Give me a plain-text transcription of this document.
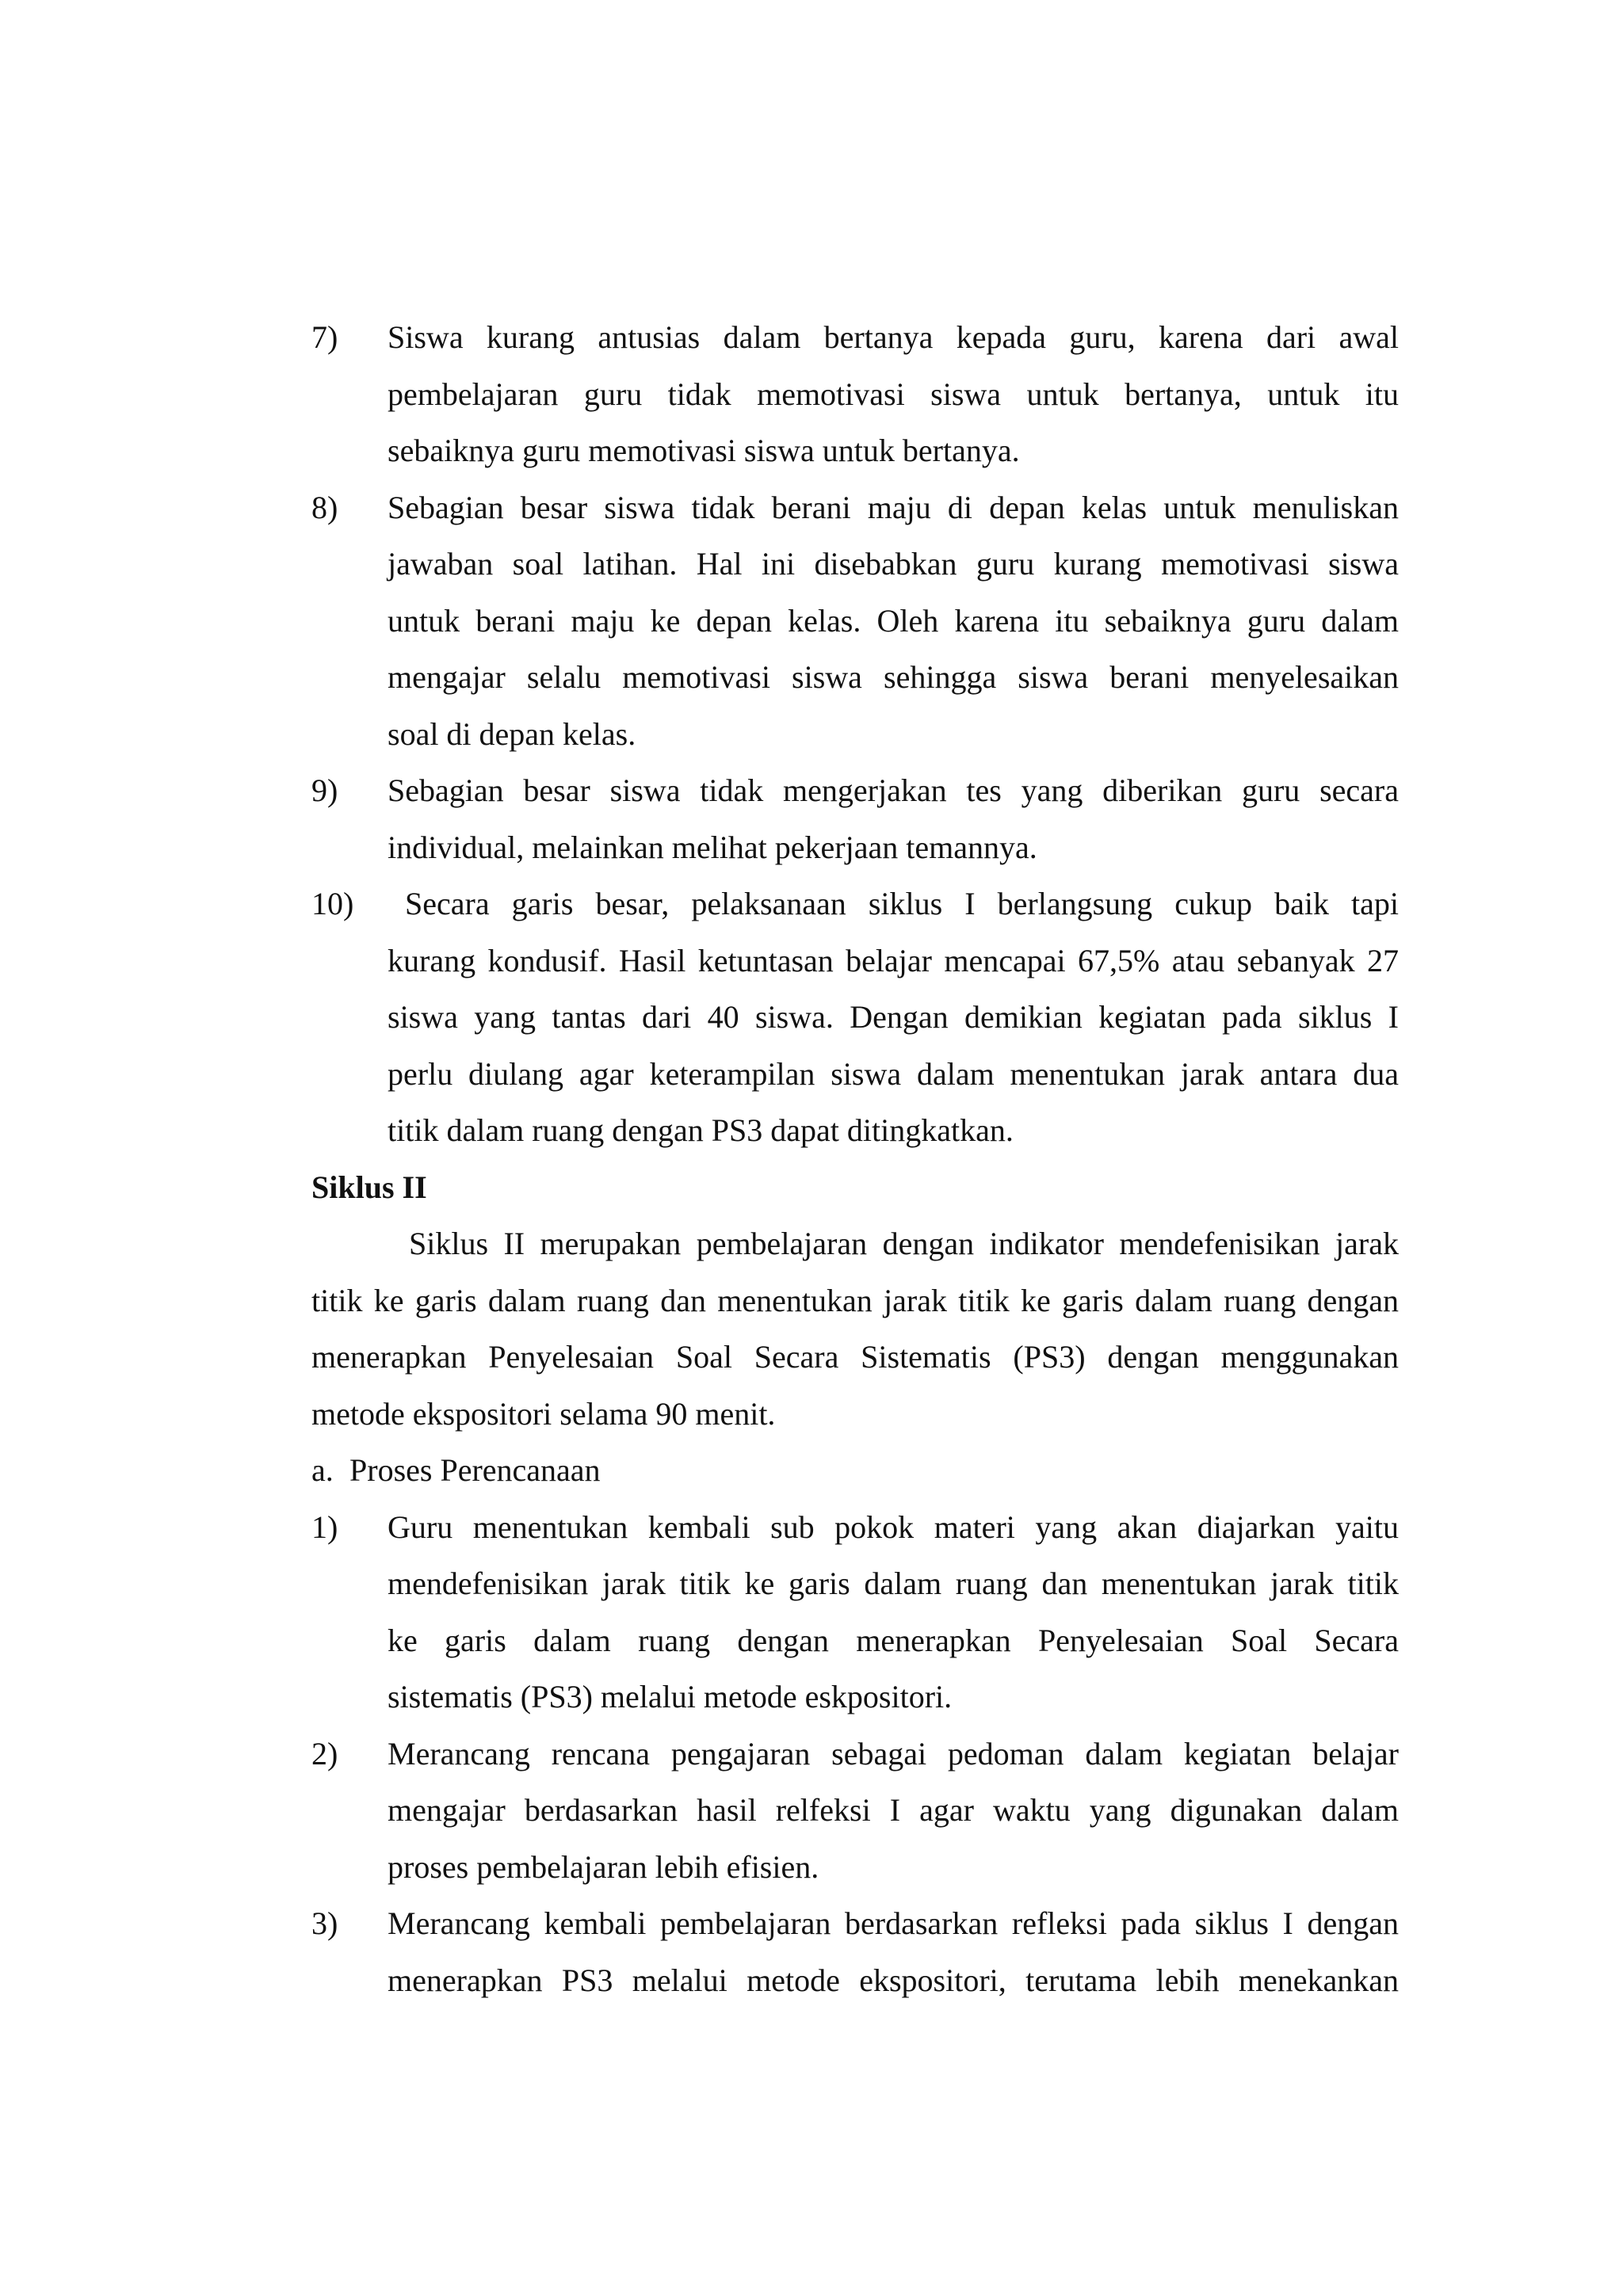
7)	Siswa kurang antusias dalam bertanya kepada guru, karena dari awal
pembelajaran guru tidak memotivasi siswa untuk bertanya, untuk itu
sebaiknya guru memotivasi siswa untuk bertanya.
8)	Sebagian besar siswa tidak berani maju di depan kelas untuk menuliskan
jawaban soal latihan. Hal ini disebabkan guru kurang memotivasi siswa
untuk berani maju ke depan kelas. Oleh karena itu sebaiknya guru dalam
mengajar selalu memotivasi siswa sehingga siswa berani menyelesaikan
soal di depan kelas.
9)	Sebagian besar siswa tidak mengerjakan tes yang diberikan guru secara
individual, melainkan melihat pekerjaan temannya.
10)	Secara garis besar, pelaksanaan siklus I berlangsung cukup baik tapi
kurang kondusif. Hasil ketuntasan belajar mencapai 67,5% atau sebanyak 27
siswa yang tantas dari 40 siswa. Dengan demikian kegiatan pada siklus I
perlu diulang agar keterampilan siswa dalam menentukan jarak antara dua
titik dalam ruang dengan PS3 dapat ditingkatkan.
Siklus II
Siklus II merupakan pembelajaran dengan indikator mendefenisikan jarak
titik ke garis dalam ruang dan menentukan jarak titik ke garis dalam ruang dengan
menerapkan Penyelesaian Soal Secara Sistematis (PS3) dengan menggunakan
metode ekspositori selama 90 menit.
a. Proses Perencanaan
1)	Guru menentukan kembali sub pokok materi yang akan diajarkan yaitu
mendefenisikan jarak titik ke garis dalam ruang dan menentukan jarak titik
ke garis dalam ruang dengan menerapkan Penyelesaian Soal Secara
sistematis (PS3) melalui metode eskpositori.
2)	Merancang rencana pengajaran sebagai pedoman dalam kegiatan belajar
mengajar berdasarkan hasil relfeksi I agar waktu yang digunakan dalam
proses pembelajaran lebih efisien.
3)	Merancang kembali pembelajaran berdasarkan refleksi pada siklus I dengan
menerapkan PS3 melalui metode ekspositori, terutama lebih menekankan
